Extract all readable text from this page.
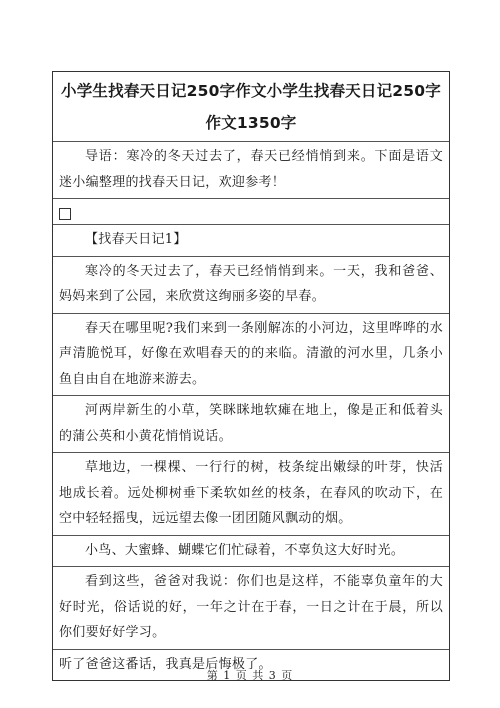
小学生找春天日记250字作文小学生找春天日记250字作文1350字
导语：寒冷的冬天过去了，春天已经悄悄到来。下面是语文迷小编整理的找春天日记，欢迎参考！
【找春天日记1】
寒冷的冬天过去了，春天已经悄悄到来。一天，我和爸爸、妈妈来到了公园，来欣赏这绚丽多姿的早春。
春天在哪里呢?我们来到一条刚解冻的小河边，这里哗哗的水声清脆悦耳，好像在欢唱春天的的来临。清澈的河水里，几条小鱼自由自在地游来游去。
河两岸新生的小草，笑眯眯地软瘫在地上，像是正和低着头的蒲公英和小黄花悄悄说话。
草地边，一棵棵、一行行的树，枝条绽出嫩绿的叶芽，快活地成长着。远处柳树垂下柔软如丝的枝条，在春风的吹动下，在空中轻轻摇曳，远远望去像一团团随风飘动的烟。
小鸟、大蜜蜂、蝴蝶它们忙碌着，不辜负这大好时光。
看到这些，爸爸对我说：你们也是这样，不能辜负童年的大好时光，俗话说的好，一年之计在于春，一日之计在于晨，所以你们要好好学习。
听了爸爸这番话，我真是后悔极了。
第 1 页 共 3 页
